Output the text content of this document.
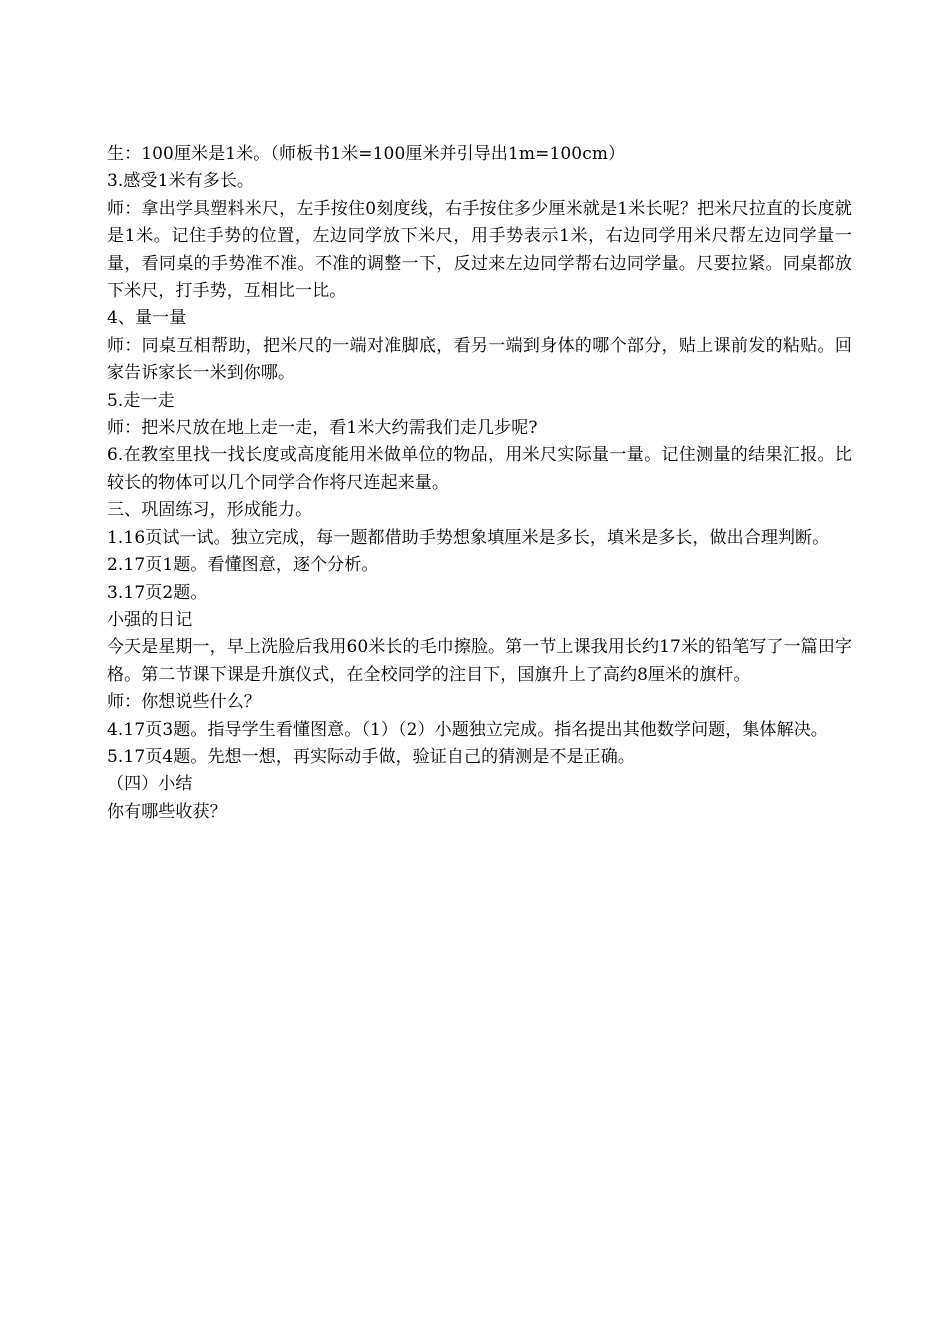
生：100厘米是1米。（师板书1米=100厘米并引导出1m=100cm）

3.感受1米有多长。

师：拿出学具塑料米尺，左手按住0刻度线，右手按住多少厘米就是1米长呢？把米尺拉直的长度就是1米。记住手势的位置，左边同学放下米尺，用手势表示1米，右边同学用米尺帮左边同学量一量，看同桌的手势准不准。不准的调整一下，反过来左边同学帮右边同学量。尺要拉紧。同桌都放下米尺，打手势，互相比一比。

4、量一量

师：同桌互相帮助，把米尺的一端对准脚底，看另一端到身体的哪个部分，贴上课前发的粘贴。回家告诉家长一米到你哪。

5.走一走

师：把米尺放在地上走一走，看1米大约需我们走几步呢?

6.在教室里找一找长度或高度能用米做单位的物品，用米尺实际量一量。记住测量的结果汇报。比较长的物体可以几个同学合作将尺连起来量。

三、巩固练习，形成能力。

1.16页试一试。独立完成，每一题都借助手势想象填厘米是多长，填米是多长，做出合理判断。

2.17页1题。看懂图意，逐个分析。

3.17页2题。

小强的日记

今天是星期一，早上洗脸后我用60米长的毛巾擦脸。第一节上课我用长约17米的铅笔写了一篇田字格。第二节课下课是升旗仪式，在全校同学的注目下，国旗升上了高约8厘米的旗杆。

师：你想说些什么？

4.17页3题。指导学生看懂图意。（1）（2）小题独立完成。指名提出其他数学问题，集体解决。

5.17页4题。先想一想，再实际动手做，验证自己的猜测是不是正确。

（四）小结

你有哪些收获？
